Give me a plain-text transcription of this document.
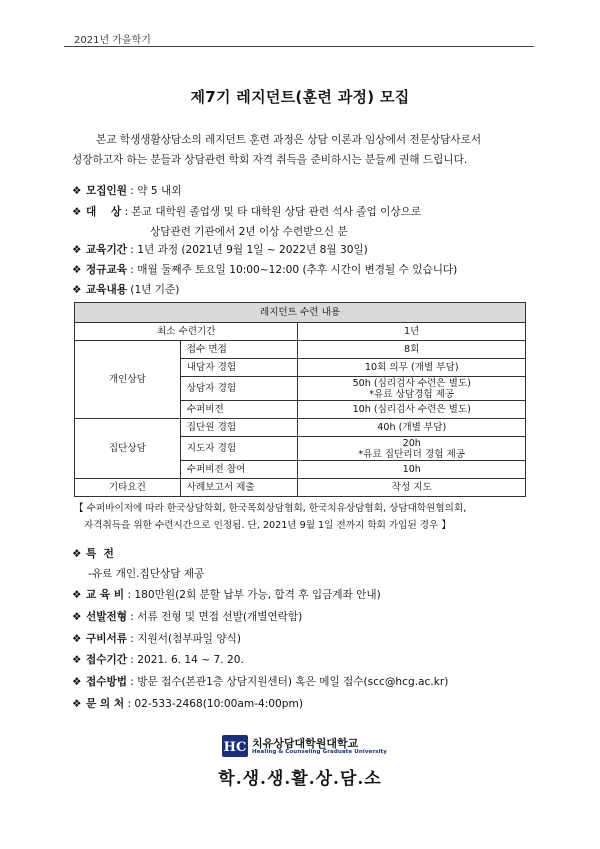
2021년 가을학기
제7기 레지던트(훈련 과정) 모집

본교 학생생활상담소의 레지던트 훈련 과정은 상담 이론과 임상에서 전문상담사로서

성장하고자 하는 분들과 상담관련 학회 자격 취득을 준비하시는 분들께 권해 드립니다.

❖ 모집인원 : 약 5 내외
❖ 대    상 : 본교 대학원 졸업생 및 타 대학원 상담 관련 석사 졸업 이상으로
상담관련 기관에서 2년 이상 수련받으신 분
❖ 교육기간 : 1년 과정 (2021년 9월 1일 ~ 2022년 8월 30일)
❖ 정규교육 : 매월 둘째주 토요일 10:00~12:00 (추후 시간이 변경될 수 있습니다)
❖ 교육내용 (1년 기준)
레지던트 수련 내용		
최소 수련기간		1년
개인상담	접수 면접	8회
	내담자 경험	10회 의무 (개별 부담)
	상담자 경험	50h (심리검사 수련은 별도)
*유료 상담경험 제공

	수퍼비전	10h (심리검사 수련은 별도)
집단상담	집단원 경험	40h (개별 부담)
	지도자 경험	20h
*유료 집단리더 경험 제공

	수퍼비전 참여	10h
기타요건	사례보고서 제출	작성 지도

【 수퍼바이저에 따라 한국상담학회, 한국목회상담협회, 한국치유상담협회, 상담대학원협의회,

자격취득을 위한 수련시간으로 인정됨. 단, 2021년 9월 1일 전까지 학회 가입된 경우 】

❖ 특  전
-유료 개인.집단상담 제공
❖ 교 육 비 : 180만원(2회 분할 납부 가능, 합격 후 입금계좌 안내)
❖ 선발전형 : 서류 전형 및 면접 선발(개별연락함)
❖ 구비서류 : 지원서(첨부파일 양식)
❖ 접수기간 : 2021. 6. 14 ~ 7. 20.
❖ 접수방법 : 방문 접수(본관1층 상담지원센터) 혹은 메일 접수(scc@hcg.ac.kr)
❖ 문 의 처 : 02-533-2468(10:00am-4:00pm)
HC 치유상담대학원대학교
Healing & Counseling Graduate University
학.생.생.활.상.담.소
